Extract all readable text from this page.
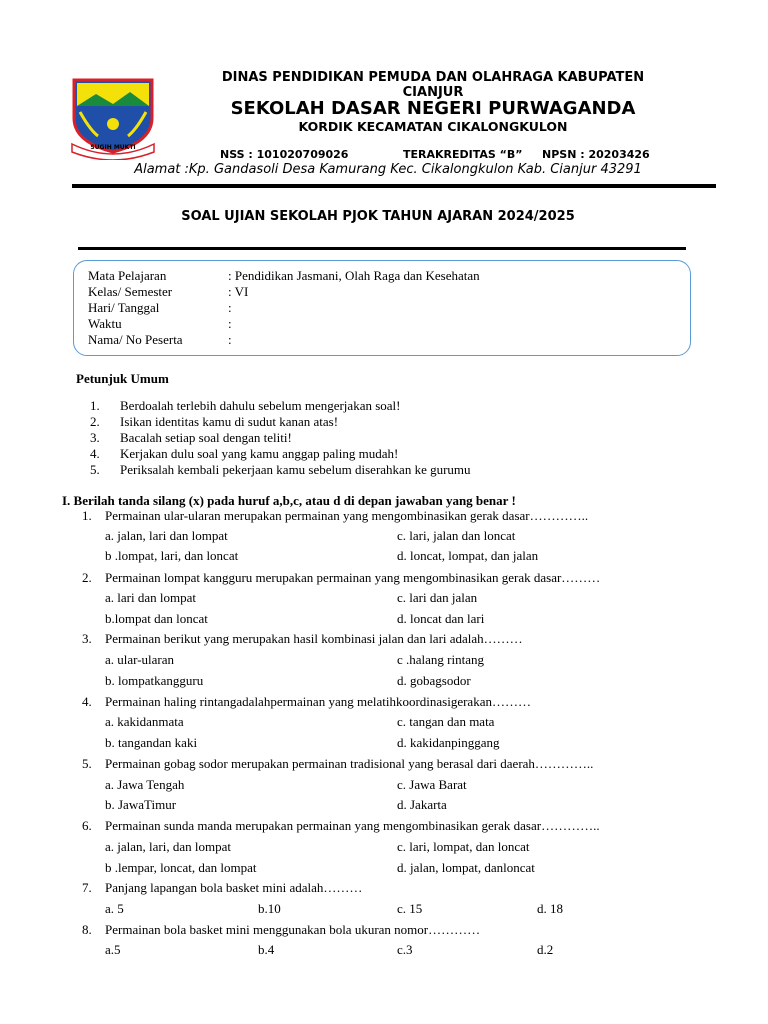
SUGIH MUKTI
DINAS PENDIDIKAN PEMUDA DAN OLAHRAGA KABUPATEN
CIANJUR
SEKOLAH DASAR NEGERI PURWAGANDA
KORDIK KECAMATAN CIKALONGKULON
NSS : 101020709026	TERAKREDITAS “B” NPSN : 20203426
Alamat :Kp. Gandasoli Desa Kamurang Kec. Cikalongkulon Kab. Cianjur 43291
SOAL UJIAN SEKOLAH PJOK TAHUN AJARAN 2024/2025
Mata Pelajaran	: Pendidikan Jasmani, Olah Raga dan Kesehatan
Kelas/ Semester	: VI
Hari/ Tanggal	:
Waktu	:
Nama/ No Peserta	:
Petunjuk Umum
1. Berdoalah terlebih dahulu sebelum mengerjakan soal!
2. Isikan identitas kamu di sudut kanan atas!
3. Bacalah setiap soal dengan teliti!
4. Kerjakan dulu soal yang kamu anggap paling mudah!
5. Periksalah kembali pekerjaan kamu sebelum diserahkan ke gurumu
I. Berilah tanda silang (x) pada huruf a,b,c, atau d di depan jawaban yang benar !
1. Permainan ular-ularan merupakan permainan yang mengombinasikan gerak dasar…………..
a. jalan, lari dan lompat	c. lari, jalan dan loncat
b .lompat, lari, dan loncat	d. loncat, lompat, dan jalan
2. Permainan lompat kangguru merupakan permainan yang mengombinasikan gerak dasar………
a. lari dan lompat	c. lari dan jalan
b.lompat dan loncat	d. loncat dan lari
3. Permainan berikut yang merupakan hasil kombinasi jalan dan lari adalah………
a. ular-ularan	c .halang rintang
b. lompatkangguru	d. gobagsodor
4. Permainan haling rintangadalahpermainan yang melatihkoordinasigerakan………
a. kakidanmata	c. tangan dan mata
b. tangandan kaki	d. kakidanpinggang
5. Permainan gobag sodor merupakan permainan tradisional yang berasal dari daerah…………..
a. Jawa Tengah	c. Jawa Barat
b. JawaTimur	d. Jakarta
6. Permainan sunda manda merupakan permainan yang mengombinasikan gerak dasar…………..
a. jalan, lari, dan lompat	c. lari, lompat, dan loncat
b .lempar, loncat, dan lompat	d. jalan, lompat, danloncat
7. Panjang lapangan bola basket mini adalah………
a. 5	b.10	c. 15	d. 18
8. Permainan bola basket mini menggunakan bola ukuran nomor…………
a.5	b.4	c.3	d.2
